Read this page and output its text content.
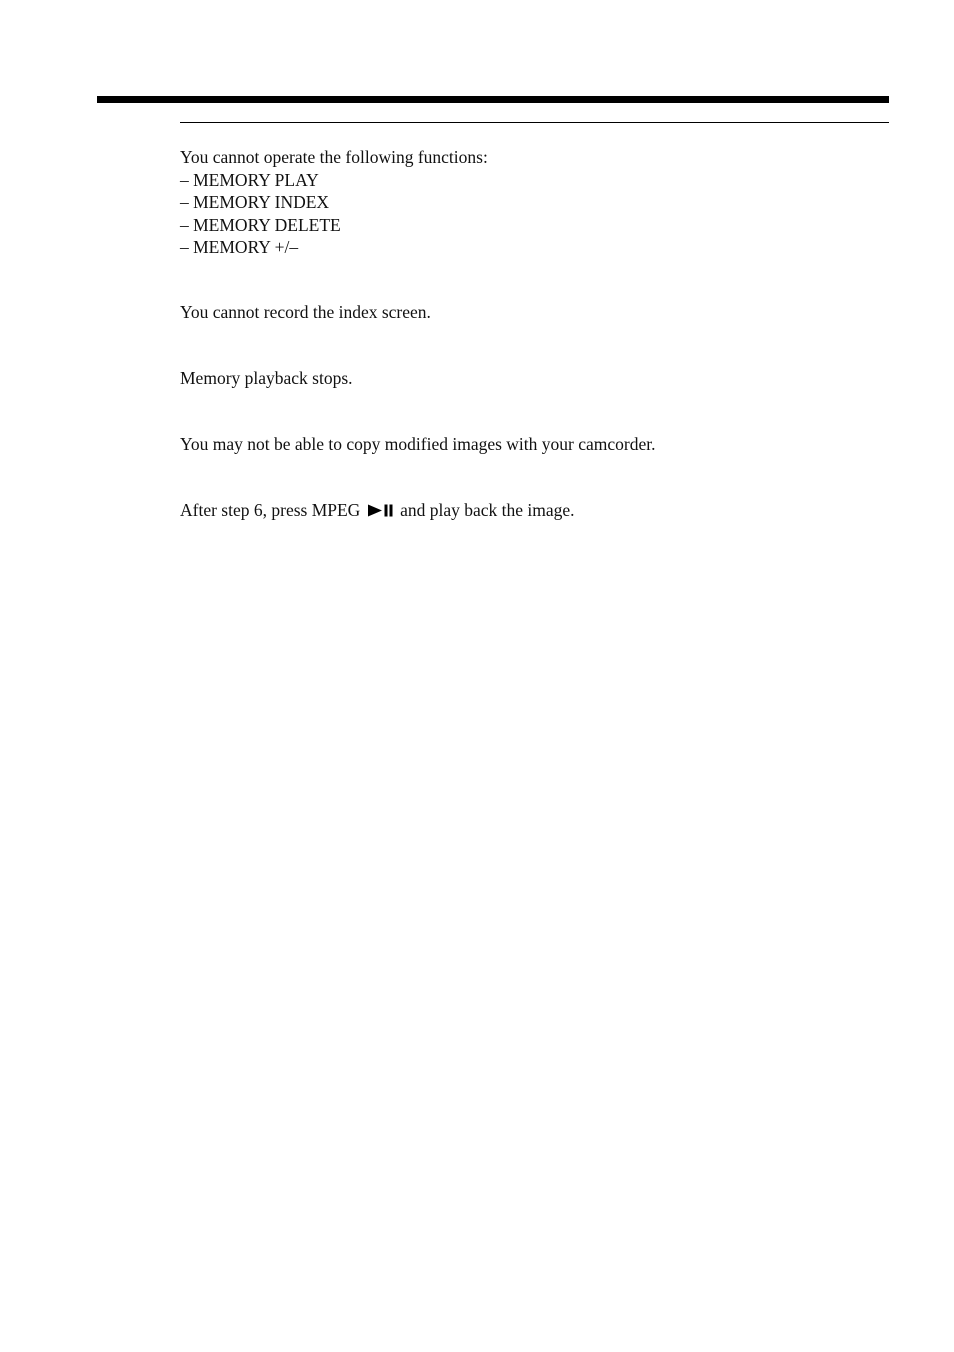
You cannot operate the following functions:

– MEMORY PLAY
– MEMORY INDEX
– MEMORY DELETE
– MEMORY +/–

You cannot record the index screen.

Memory playback stops.

You may not be able to copy modified images with your camcorder.

After step 6, press MPEG and play back the image.
